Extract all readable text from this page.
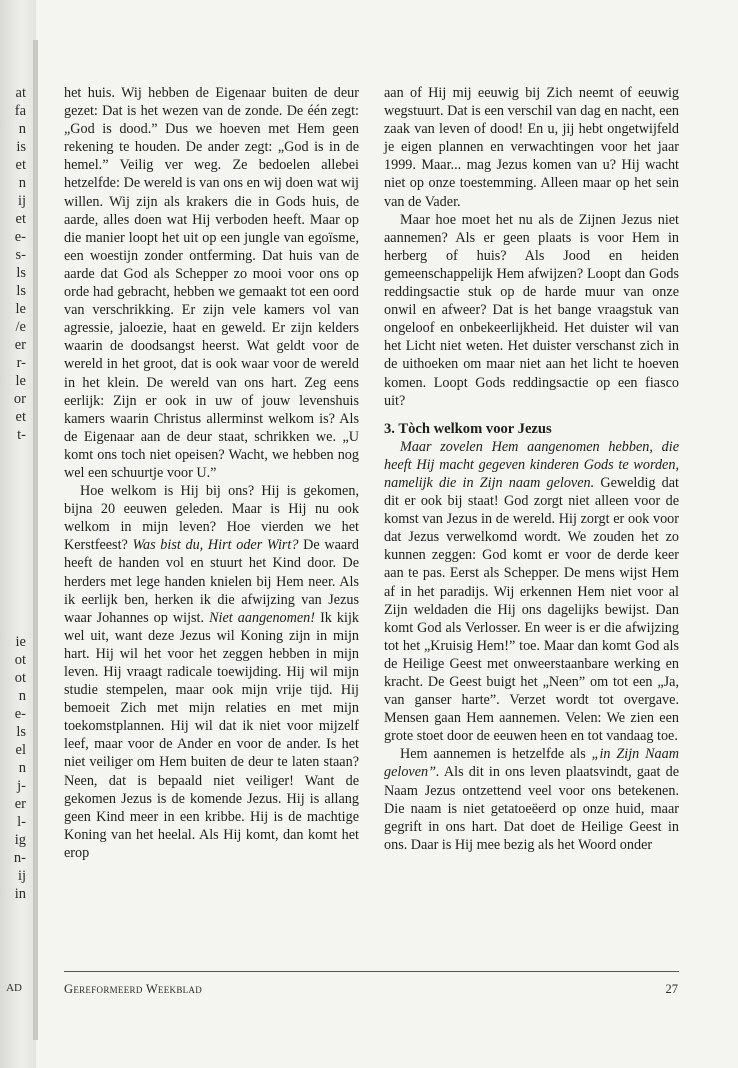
at
fa
n
is
et
n
ij
et
e-
s-
ls
ls
le
/e
er
r-
le
or
et
t-
ie
ot
ot
n
e-
ls
el
n
j-
er
l-
ig
n-
ij
in

het huis. Wij hebben de Eigenaar buiten de deur gezet: Dat is het wezen van de zonde. De één zegt: „God is dood.” Dus we hoeven met Hem geen rekening te houden. De ander zegt: „God is in de hemel.” Veilig ver weg. Ze bedoelen allebei hetzelfde: De wereld is van ons en wij doen wat wij willen. Wij zijn als krakers die in Gods huis, de aarde, alles doen wat Hij verboden heeft. Maar op die manier loopt het uit op een jungle van egoïsme, een woestijn zonder ontferming. Dat huis van de aarde dat God als Schepper zo mooi voor ons op orde had gebracht, hebben we gemaakt tot een oord van verschrikking. Er zijn vele kamers vol van agressie, jaloezie, haat en geweld. Er zijn kelders waarin de doodsangst heerst. Wat geldt voor de wereld in het groot, dat is ook waar voor de wereld in het klein. De wereld van ons hart. Zeg eens eerlijk: Zijn er ook in uw of jouw levenshuis kamers waarin Christus allerminst welkom is? Als de Eigenaar aan de deur staat, schrikken we. „U komt ons toch niet opeisen? Wacht, we hebben nog wel een schuurtje voor U.”

Hoe welkom is Hij bij ons? Hij is gekomen, bijna 20 eeuwen geleden. Maar is Hij nu ook welkom in mijn leven? Hoe vierden we het Kerstfeest? Was bist du, Hirt oder Wirt? De waard heeft de handen vol en stuurt het Kind door. De herders met lege handen knielen bij Hem neer. Als ik eerlijk ben, herken ik die afwijzing van Jezus waar Johannes op wijst. Niet aangenomen! Ik kijk wel uit, want deze Jezus wil Koning zijn in mijn hart. Hij wil het voor het zeggen hebben in mijn leven. Hij vraagt radicale toewijding. Hij wil mijn studie stempelen, maar ook mijn vrije tijd. Hij bemoeit Zich met mijn relaties en met mijn toekomstplannen. Hij wil dat ik niet voor mijzelf leef, maar voor de Ander en voor de ander. Is het niet veiliger om Hem buiten de deur te laten staan? Neen, dat is bepaald niet veiliger! Want de gekomen Jezus is de komende Jezus. Hij is allang geen Kind meer in een kribbe. Hij is de machtige Koning van het heelal. Als Hij komt, dan komt het erop

aan of Hij mij eeuwig bij Zich neemt of eeuwig wegstuurt. Dat is een verschil van dag en nacht, een zaak van leven of dood! En u, jij hebt ongetwijfeld je eigen plannen en verwachtingen voor het jaar 1999. Maar... mag Jezus komen van u? Hij wacht niet op onze toestemming. Alleen maar op het sein van de Vader.

Maar hoe moet het nu als de Zijnen Jezus niet aannemen? Als er geen plaats is voor Hem in herberg of huis? Als Jood en heiden gemeenschappelijk Hem afwijzen? Loopt dan Gods reddingsactie stuk op de harde muur van onze onwil en afweer? Dat is het bange vraagstuk van ongeloof en onbekeerlijkheid. Het duister wil van het Licht niet weten. Het duister verschanst zich in de uithoeken om maar niet aan het licht te hoeven komen. Loopt Gods reddingsactie op een fiasco uit?

3. Tòch welkom voor Jezus

Maar zovelen Hem aangenomen hebben, die heeft Hij macht gegeven kinderen Gods te worden, namelijk die in Zijn naam geloven. Geweldig dat dit er ook bij staat! God zorgt niet alleen voor de komst van Jezus in de wereld. Hij zorgt er ook voor dat Jezus verwelkomd wordt. We zouden het zo kunnen zeggen: God komt er voor de derde keer aan te pas. Eerst als Schepper. De mens wijst Hem af in het paradijs. Wij erkennen Hem niet voor al Zijn weldaden die Hij ons dagelijks bewijst. Dan komt God als Verlosser. En weer is er die afwijzing tot het „Kruisig Hem!” toe. Maar dan komt God als de Heilige Geest met onweerstaanbare werking en kracht. De Geest buigt het „Neen” om tot een „Ja, van ganser harte”. Verzet wordt tot overgave. Mensen gaan Hem aannemen. Velen: We zien een grote stoet door de eeuwen heen en tot vandaag toe.

Hem aannemen is hetzelfde als „in Zijn Naam geloven”. Als dit in ons leven plaatsvindt, gaat de Naam Jezus ontzettend veel voor ons betekenen. Die naam is niet getatoeëerd op onze huid, maar gegrift in ons hart. Dat doet de Heilige Geest in ons. Daar is Hij mee bezig als het Woord onder

AD	Gereformeerd Weekblad	27
